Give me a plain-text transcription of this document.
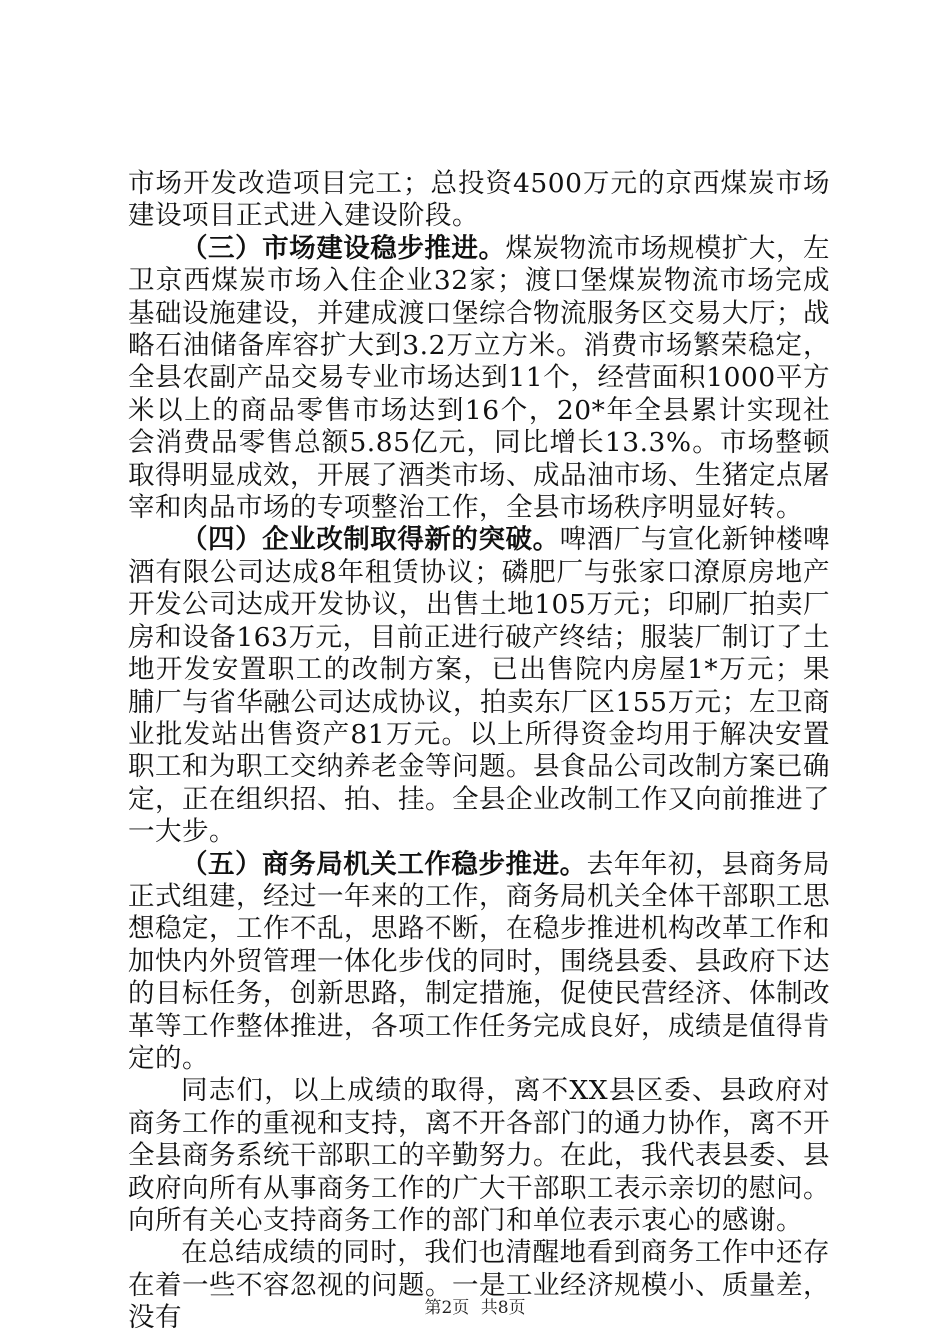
市场开发改造项目完工；总投资4500万元的京西煤炭市场建设项目正式进入建设阶段。

（三）市场建设稳步推进。煤炭物流市场规模扩大，左卫京西煤炭市场入住企业32家；渡口堡煤炭物流市场完成基础设施建设，并建成渡口堡综合物流服务区交易大厅；战略石油储备库容扩大到3.2万立方米。消费市场繁荣稳定，全县农副产品交易专业市场达到11个，经营面积1000平方米以上的商品零售市场达到16个，20*年全县累计实现社会消费品零售总额5.85亿元，同比增长13.3%。市场整顿取得明显成效，开展了酒类市场、成品油市场、生猪定点屠宰和肉品市场的专项整治工作，全县市场秩序明显好转。

（四）企业改制取得新的突破。啤酒厂与宣化新钟楼啤酒有限公司达成8年租赁协议；磷肥厂与张家口潦原房地产开发公司达成开发协议，出售土地105万元；印刷厂拍卖厂房和设备163万元，目前正进行破产终结；服装厂制订了土地开发安置职工的改制方案，已出售院内房屋1*万元；果脯厂与省华融公司达成协议，拍卖东厂区155万元；左卫商业批发站出售资产81万元。以上所得资金均用于解决安置职工和为职工交纳养老金等问题。县食品公司改制方案已确定，正在组织招、拍、挂。全县企业改制工作又向前推进了一大步。

（五）商务局机关工作稳步推进。去年年初，县商务局正式组建，经过一年来的工作，商务局机关全体干部职工思想稳定，工作不乱，思路不断，在稳步推进机构改革工作和加快内外贸管理一体化步伐的同时，围绕县委、县政府下达的目标任务，创新思路，制定措施，促使民营经济、体制改革等工作整体推进，各项工作任务完成良好，成绩是值得肯定的。

同志们，以上成绩的取得，离不XX县区委、县政府对商务工作的重视和支持，离不开各部门的通力协作，离不开全县商务系统干部职工的辛勤努力。在此，我代表县委、县政府向所有从事商务工作的广大干部职工表示亲切的慰问。向所有关心支持商务工作的部门和单位表示衷心的感谢。

在总结成绩的同时，我们也清醒地看到商务工作中还存在着一些不容忽视的问题。一是工业经济规模小、质量差，没有	第2页 共8页
